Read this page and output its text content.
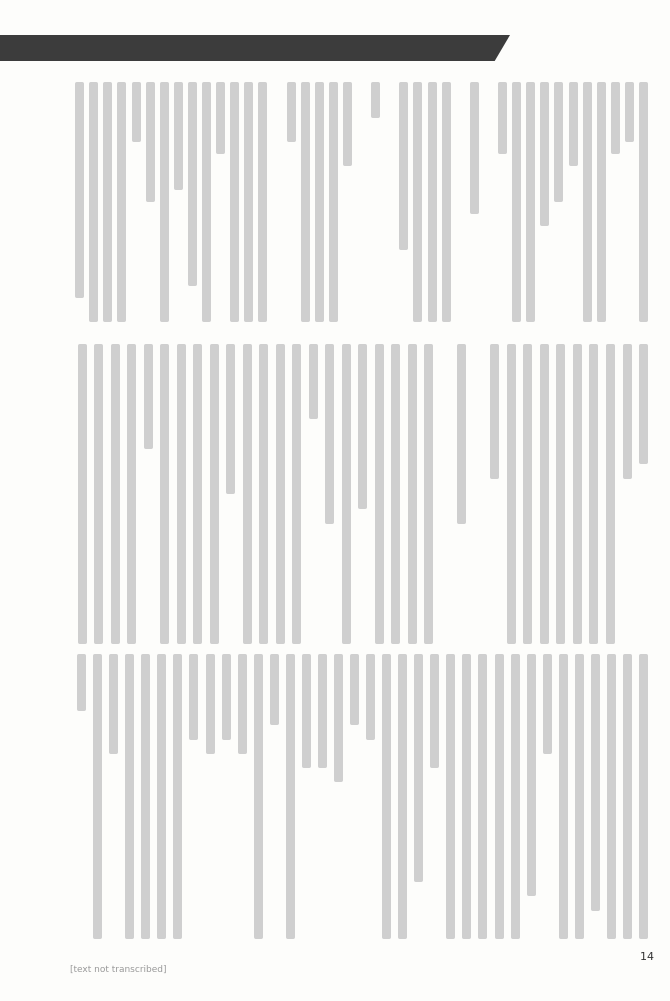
14
[text not transcribed]
